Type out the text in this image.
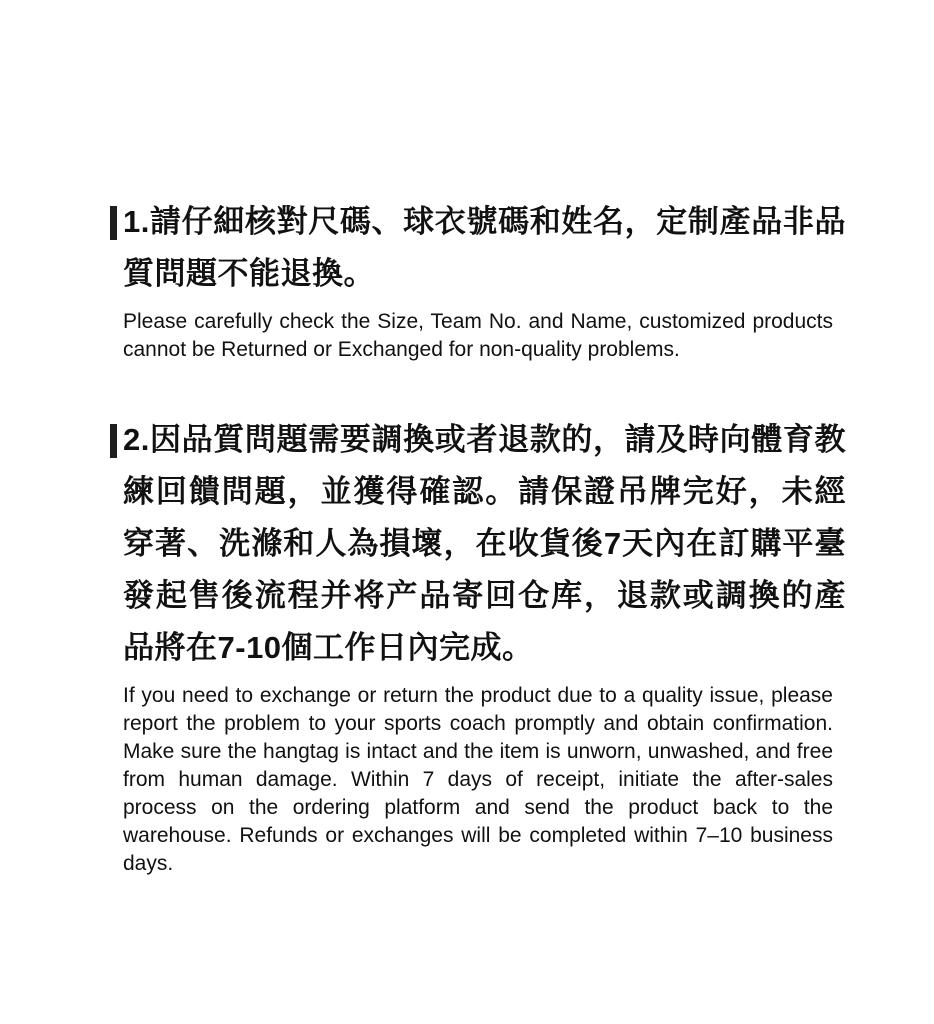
1.請仔細核對尺碼、球衣號碼和姓名，定制產品非品質問題不能退換。

Please carefully check the Size, Team No. and Name, customized products cannot be Returned or Exchanged for non-quality problems.

2.因品質問題需要調換或者退款的，請及時向體育教練回饋問題，並獲得確認。請保證吊牌完好，未經穿著、洗滌和人為損壞，在收貨後7天內在訂購平臺發起售後流程并将产品寄回仓库，退款或調換的產品將在7-10個工作日內完成。

If you need to exchange or return the product due to a quality issue, please report the problem to your sports coach promptly and obtain confirmation. Make sure the hangtag is intact and the item is unworn, unwashed, and free from human damage. Within 7 days of receipt, initiate the after-sales process on the ordering platform and send the product back to the warehouse. Refunds or exchanges will be completed within 7–10 business days.
